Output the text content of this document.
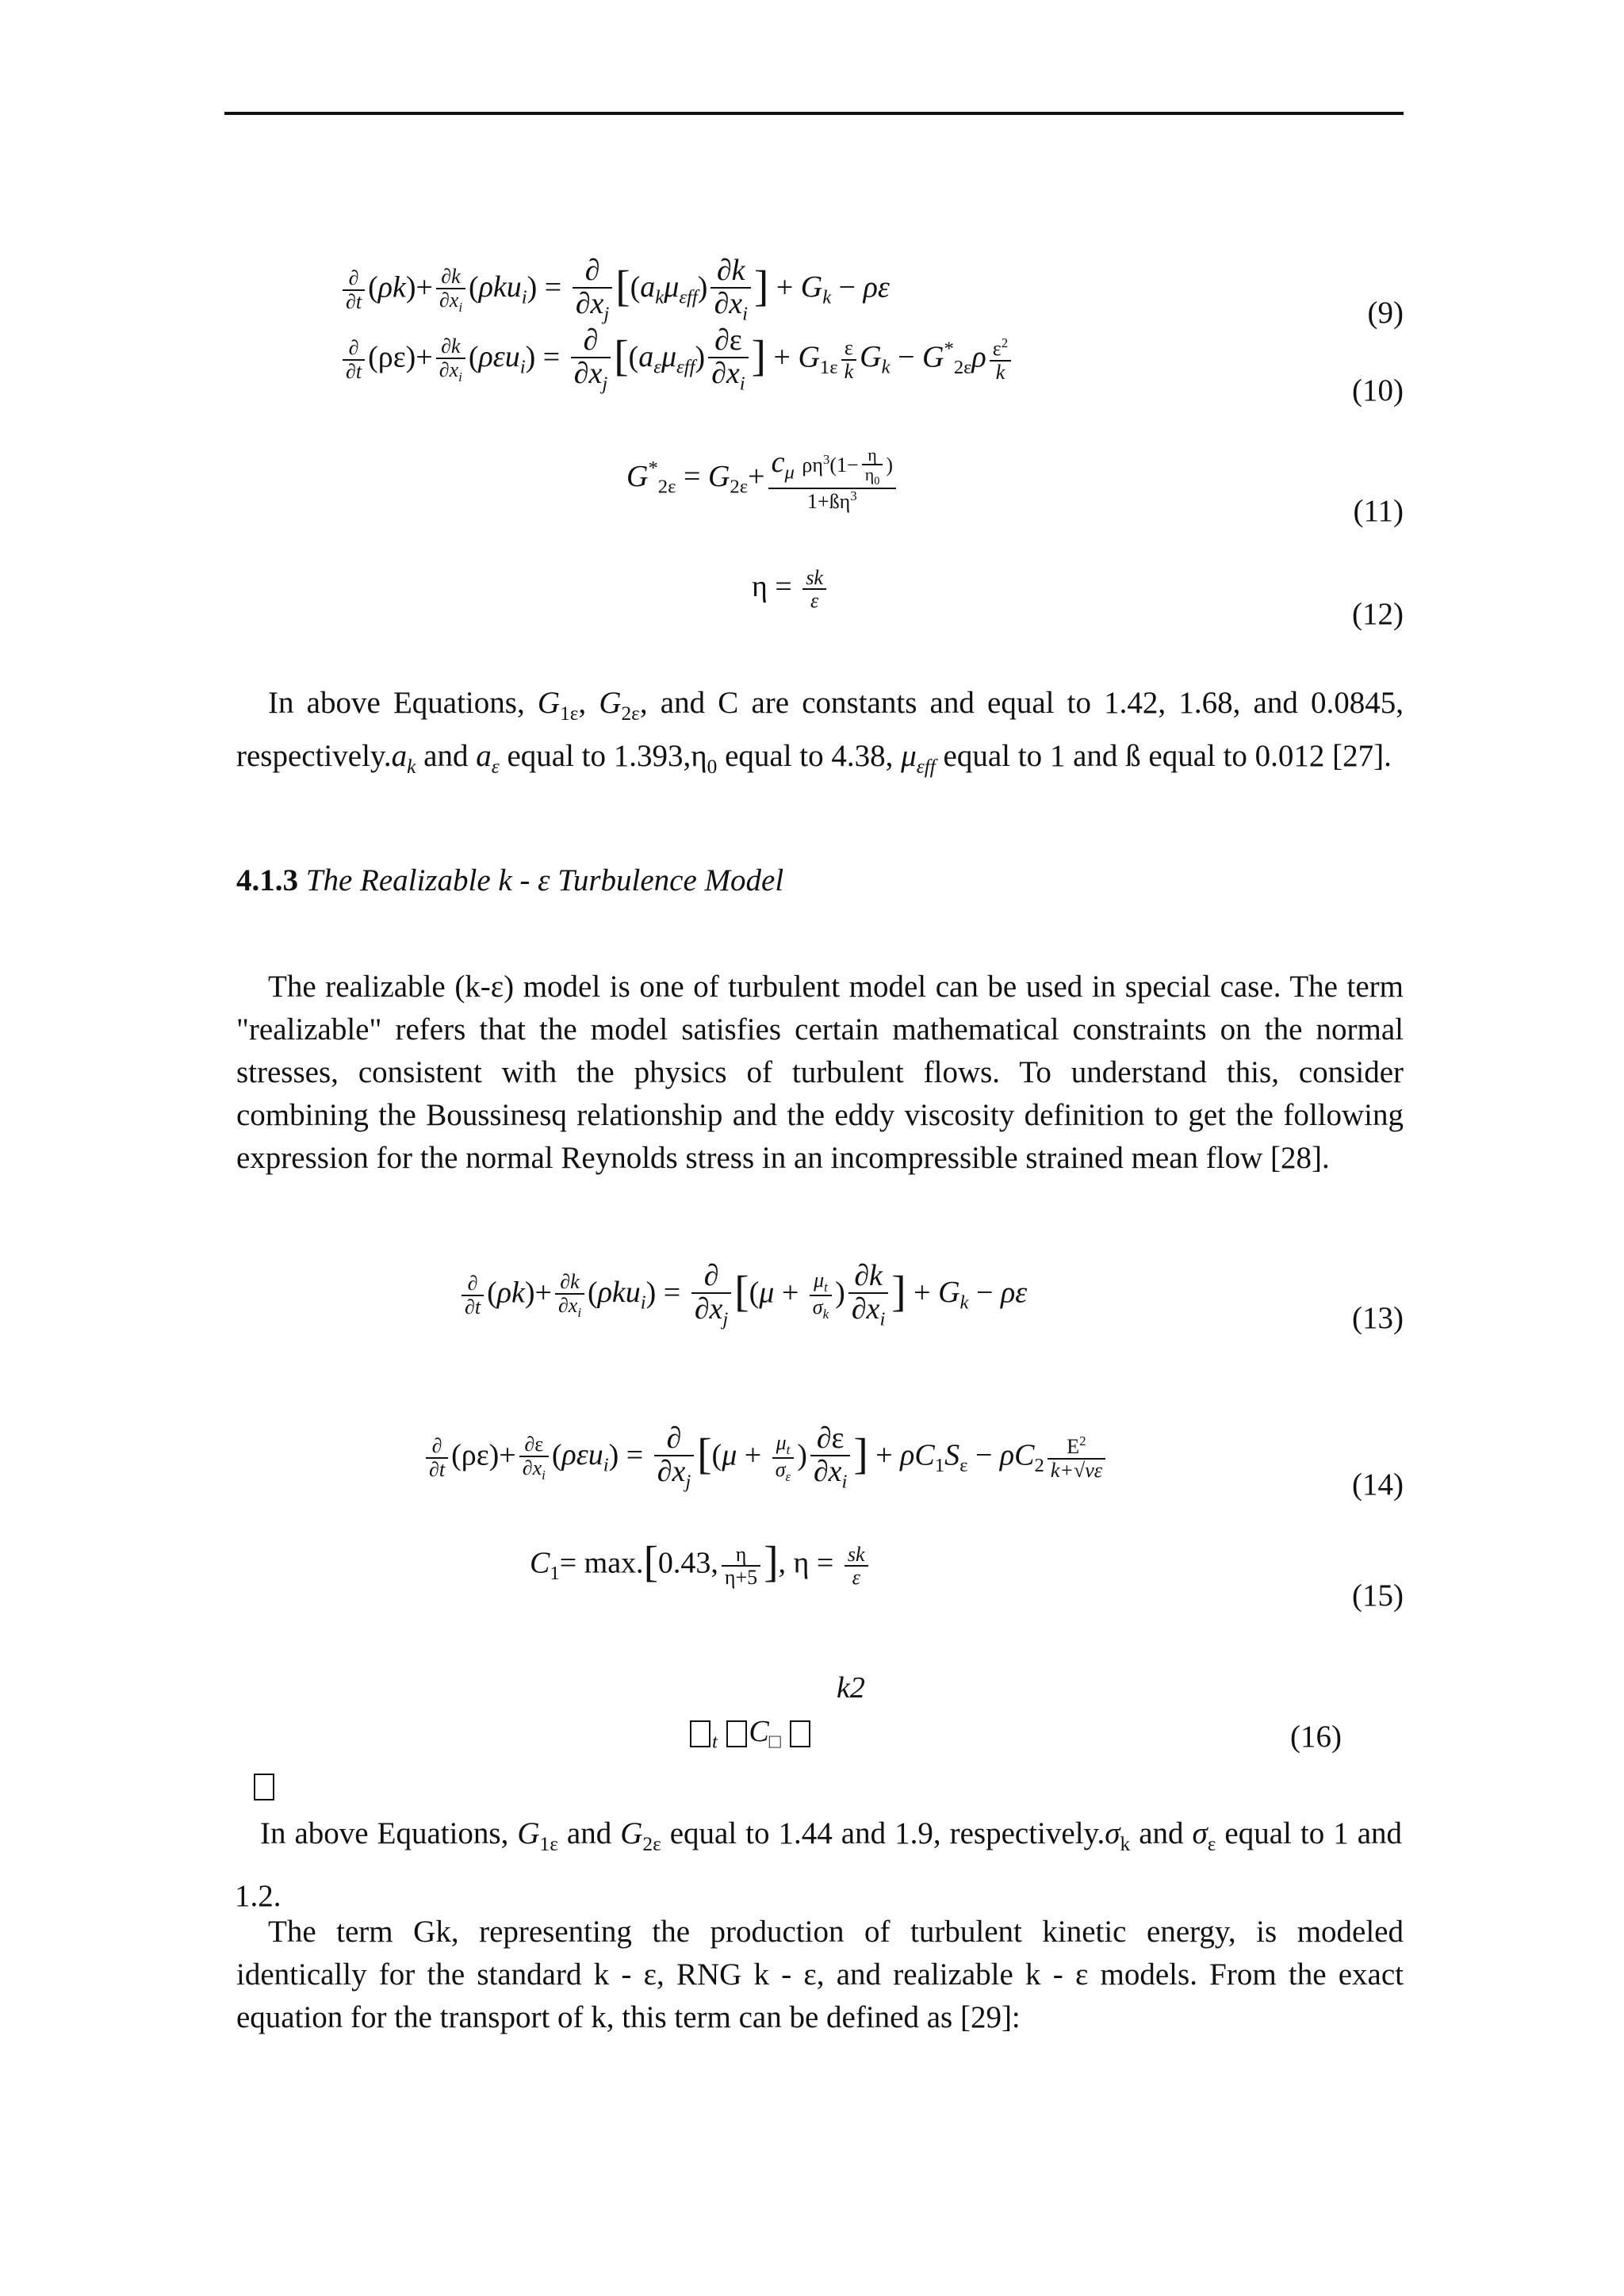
$\frac{\partial}{\partial t} (\rho k)+ \frac{\partial k}{\partial x_i} (\rho ku_i) = \frac{\partial}{\partial x_j} [(a_k\mu_{\varepsilon ff}) \frac{\partial k}{\partial x_i}$ ] + $G_k - \rho\varepsilon$
(9)
$\frac{\partial}{\partial t} (\rho\varepsilon)+ \frac{\partial k}{\partial x_i} (\rho\varepsilon u_i) = \frac{\partial}{\partial x_j} [(a_\varepsilon\mu_{\varepsilon ff}) \frac{\partial\varepsilon}{\partial x_i}$ ] + $G_{1\varepsilon} \frac{\varepsilon}{k} G_k - G^*_{2\varepsilon}\rho \frac{\varepsilon^2}{k}$
(10)
$G^*_{2\varepsilon} = G_{2\varepsilon}+ \frac{c_\mu \rho\eta^3(1- \frac{\eta}{\eta_0} )}{1+ß\eta^3}$	(11)
$\eta = \frac{sk}{\varepsilon}$
(12)

In above Equations, $G_{1\varepsilon}$, $G_{2\varepsilon}$, and C are constants and equal to 1.42, 1.68, and 0.0845, $respectively.a_k$ and $a_\varepsilon$ equal to $1.393,\eta_0$ equal to 4.38, $\mu_{\varepsilon ff}$ equal to 1 and ß equal to 0.012 [27].

4.1.3 The Realizable k - ε Turbulence Model

The realizable (k-ε) model is one of turbulent model can be used in special case. The term "realizable" refers that the model satisfies certain mathematical constraints on the normal stresses, consistent with the physics of turbulent flows. To understand this, consider combining the Boussinesq relationship and the eddy viscosity definition to get the following expression for the normal Reynolds stress in an incompressible strained mean flow [28].

$\frac{\partial}{\partial t} (\rho k)+ \frac{\partial k}{\partial x_i} (\rho ku_i) = \frac{\partial}{\partial x_j} [(\mu + \frac{\mu_t}{\sigma_k}$ ) $\frac{\partial k}{\partial x_i}$ ] + $G_k - \rho\varepsilon$
(13)
$\frac{\partial}{\partial t} (\rho\varepsilon)+ \frac{\partial\varepsilon}{\partial x_i} (\rho\varepsilon u_i) = \frac{\partial}{\partial x_j} [(\mu + \frac{\mu_t}{\sigma_\varepsilon}$ ) $\frac{\partial\varepsilon}{\partial x_i}$ ] + $\rho C_1S_\varepsilon - \rho C_2 \frac{E^2}{k+√\nu\varepsilon}$
(14)
$C_1= \max.[0.43$, $\frac{\eta}{\eta+5}$ ], $\eta = \frac{sk}{\varepsilon}$
(15)
k2
$_t$ $C_□$	(16)

In above Equations, $G_{1\varepsilon}$ and $G_{2\varepsilon}$ equal to 1.44 and 1.9, $respectively.\sigma_k$ and $\sigma_\varepsilon$ equal to 1 and 1.2.

The term Gk, representing the production of turbulent kinetic energy, is modeled identically for the standard k - ε, RNG k - ε, and realizable k - ε models. From the exact equation for the transport of k, this term can be defined as [29]:
